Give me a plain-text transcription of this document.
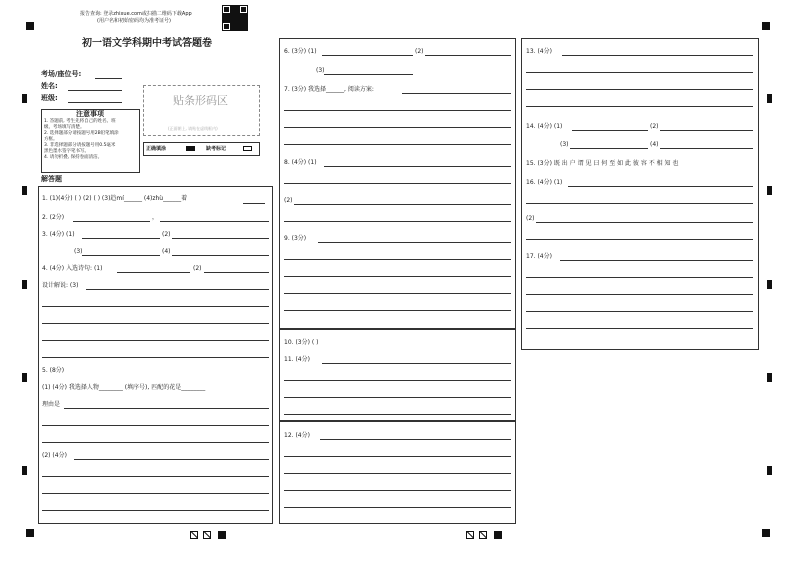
报告查询: 登录zhixue.com或扫描二维码下载App
(用户名和初始密码均为准考证号)
初一语文学科期中考试答题卷
考场/座位号:
姓名:
班级:	贴条形码区
(正面朝上, 请贴在虚线框内)
注意事项
1. 答题前, 考生先将自己的姓名、班
级、考场填写清楚。
2. 选择题部分请按题号用2B铅笔填涂
方框。
3. 非选择题部分请按题号用0.5毫米
黑色墨水签字笔书写。
4. 请勿折叠, 保持卷面清洁。
正确填涂	缺考标记
解答题
1. (1)(4分) ( ) (2) ( ) (3)趋mí______ (4)zhù______着
2. (2分)	，
3. (4分) (1)	(2)
(3)	(4)
4. (4分) 入选诗句: (1)	(2)
设计解说: (3)
5. (8分)
(1) (4分) 我选择人物________ (填序号), 匹配的花是________
理由是
(2) (4分)
6. (3分) (1)	(2)
(3)
7. (3分) 我选择______, 阅读方案:
8. (4分) (1)
(2)
9. (3分)
10. (3分) ( )
11. (4分)
12. (4分)
13. (4分)
14. (4分) (1)	(2)
(3)	(4)
15. (3分) 既 出 户 谓 见 曰 何 至 如 此 彼 容 不 相 知 也
16. (4分) (1)
(2)
17. (4分)
